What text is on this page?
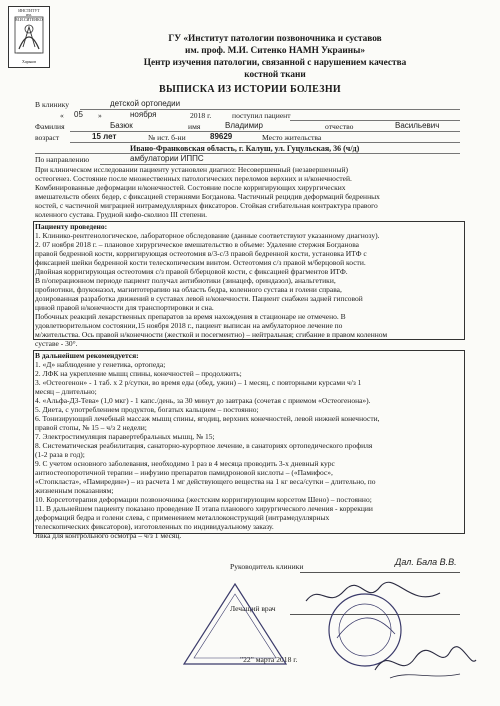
ИНСТИТУТ
им. М.И.СИТЕНКО
Харьков
ГУ «Институт патологии позвоночника и суставов
им. проф. М.И. Ситенко НАМН Украины»
Центр изучения патологии, связанной с нарушением качества
костной ткани
ВЫПИСКА ИЗ ИСТОРИИ БОЛЕЗНИ
В клинику	детской ортопедии
« 05 »	ноября	2018 г.	поступил пациент
Фамилия	Базюк	имя	Владимир	отчество	Васильевич
возраст	15 лет	№ ист. б-ни	89629	Место жительства
Ивано-Франковская область, г. Калуш, ул. Гуцульская, 36 (ч/д)
По направлению	амбулатории ИППС
При клиническом исследовании пациенту установлен диагноз: Несовершенный (незавершенный)
остеогенез. Состояние после множественных патологических переломов верхних и н/конечностей.
Комбинированные деформации н/конечностей. Состояние после корригирующих хирургических
вмешательств обеих бедер, с фиксацией стержнями Богданова. Частичный рецидив деформаций бедренных
костей, с частичной миграцией интрамедуллярных фиксаторов. Стойкая сгибательная контрактура правого
коленного сустава. Грудной кифо-сколиоз III степени.
Пациенту проведено:
1. Клинико-рентгенологическое, лабораторное обследование (данные соответствуют указанному диагнозу).
2. 07 ноября 2018 г. – плановое хирургическое вмешательство в объеме: Удаление стержня Богданова
правой бедренной кости, корригирующая остеотомия в/3-с/3 правой бедренной кости, установка ИТФ с
фиксацией шейки бедренной кости телескопическим винтом. Остеотомия с/з правой м/берцовой кости.
Двойная корригирующая остеотомия с/з правой б/берцовой кости, с фиксацией фрагментов ИТФ.
В п/операционном периоде пациент получал антибиотики (зинацеф, ориндазол), анальгетики,
пробиотики, флуконазол, магнитотерапию на область бедра, коленного сустава и голени справа,
дозированная разработка движений в суставах левой н/конечности. Пациент снабжен задней гипсовой
циной правой н/конечности для транспортировки и сна.
Побочных реакций лекарственных препаратов за время нахождения в стационаре не отмечено. В
удовлетворительном состоянии,15 ноября 2018 г., пациент выписан на амбулаторное лечение по
м/жительства. Ось правой н/конечности (жесткой и посегментно) – нейтральная; сгибание в правом коленном
суставе - 30°.
В дальнейшем рекомендуется:
1. «Д» наблюдение у генетика, ортопеда;
2. ЛФК на укрепление мышц спины, конечностей – продолжить;
3. «Остеогенон» - 1 таб. х 2 р/сутки, во время еды (обед, ужин) – 1 месяц, с повторными курсами ч/з 1
месяц – длительно;
4. «Альфа-Д3-Тева» (1,0 мкг) - 1 капс./день, за 30 минут до завтрака (сочетая с приемом «Остеогенона»).
5. Диета, с употреблением продуктов, богатых кальцием – постоянно;
6. Тонизирующий лечебный массаж мышц спины, ягодиц, верхних конечностей, левой нижней конечности,
правой стопы, № 15 – ч/з 2 недели;
7. Электростимуляция паравертебральных мышц, № 15;
8. Систематическая реабилитация, санаторно-курортное лечение, в санаториях ортопедического профиля
(1-2 раза в год);
9. С учетом основного заболевания, необходимо 1 раз в 4 месяца проводить 3-х дневный курс
антиостеопоротичной терапии – инфузию препаратов памидроновой кислоты – («Памифос»,
«Стопкласта», «Памиредин») – из расчета 1 мг действующего вещества на 1 кг веса/сутки – длительно, по
жизненным показаниям;
10. Корсетотерапия деформации позвоночника (жестским корригирующим корсетом Шено) – постоянно;
11. В дальнейшем пациенту показано проведение II этапа планового хирургического лечения - коррекции
деформаций бедра и голени слева, с применением металлоконструкций (интрамедуллярных
телескопических фиксаторов), изготовленных по индивидуальному заказу.
Явка для контрольного осмотра – ч/з 1 месяц.
Руководитель клиники	Дал. Бала В.В.
Лечащий врач
"22" марта 2018 г.
